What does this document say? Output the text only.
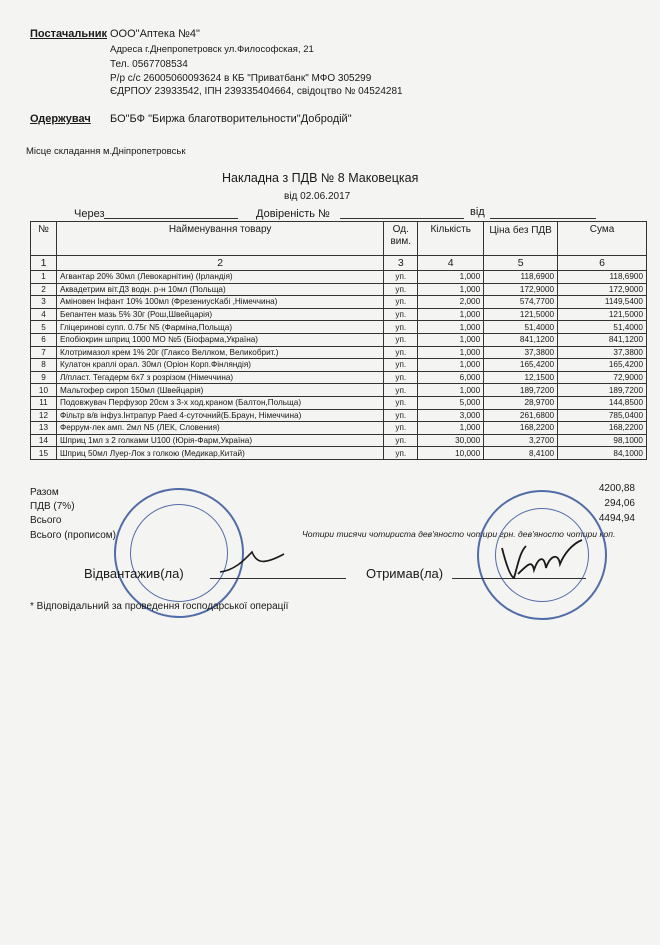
Постачальник ООО"Аптека №4"
Адреса г.Днепропетровск ул.Философская, 21
Тел. 0567708534
Р/р с/с 26005060093624 в КБ "Приватбанк" МФО 305299
ЄДРПОУ 23933542, ІПН 239335404664, свідоцтво № 04524281
Одержувач БО"БФ "Биржа благотворительности"Добродій"
Місце складання м.Дніпропетровськ
Накладна з ПДВ № 8 Маковецкая
від 02.06.2017
Через	Довіреність №	від
№	Найменування товару	Од. вим.	Кількість	Ціна без ПДВ	Сума
1	2	3	4	5	6
1	Агвантар 20% 30мл (Левокарнітин) (Ірландія)	уп.	1,000	118,6900	118,6900
2	Аквадетрим віт.Д3 водн. р-н 10мл (Польща)	уп.	1,000	172,9000	172,9000
3	Аміновен Інфант 10% 100мл (ФрезениусКабі ,Німеччина)	уп.	2,000	574,7700	1149,5400
4	Бепантен мазь 5% 30г (Рош,Швейцарія)	уп.	1,000	121,5000	121,5000
5	Гліцеринові супп. 0.75г N5 (Фарміна,Польща)	уп.	1,000	51,4000	51,4000
6	Епобіокрин шприц 1000 МО №5 (Біофарма,Україна)	уп.	1,000	841,1200	841,1200
7	Клотримазол крем 1% 20г (Глаксо Веллком, Великобрит.)	уп.	1,000	37,3800	37,3800
8	Кулатон краплі орал. 30мл (Оріон Корп.Фінляндія)	уп.	1,000	165,4200	165,4200
9	Л/пласт. Тегадерм 6х7 з розрізом (Німеччина)	уп.	6,000	12,1500	72,9000
10	Мальтофер сироп 150мл (Швейцарія)	уп.	1,000	189,7200	189,7200
11	Подовжувач Перфузор 20см з 3-х ход.краном (Балтон,Польща)	уп.	5,000	28,9700	144,8500
12	Фільтр в/в інфуз.Інтрапур Раеd 4-суточний(Б.Браун, Німеччина)	уп.	3,000	261,6800	785,0400
13	Феррум-лек амп. 2мл N5 (ЛЕК, Словения)	уп.	1,000	168,2200	168,2200
14	Шприц 1мл з 2 голками U100 (Юрія-Фарм,Україна)	уп.	30,000	3,2700	98,1000
15	Шприц 50мл Луер-Лок з голкою (Медикар,Китай)	уп.	10,000	8,4100	84,1000
Разом	4200,88
ПДВ (7%)	294,06
Всього	4494,94
Всього (прописом)	Чотири тисячи чотириста дев'яносто чотири грн. дев'яносто чотири коп.
Відвантажив(ла)	Отримав(ла)
* Відповідальний за проведення господарської операції
